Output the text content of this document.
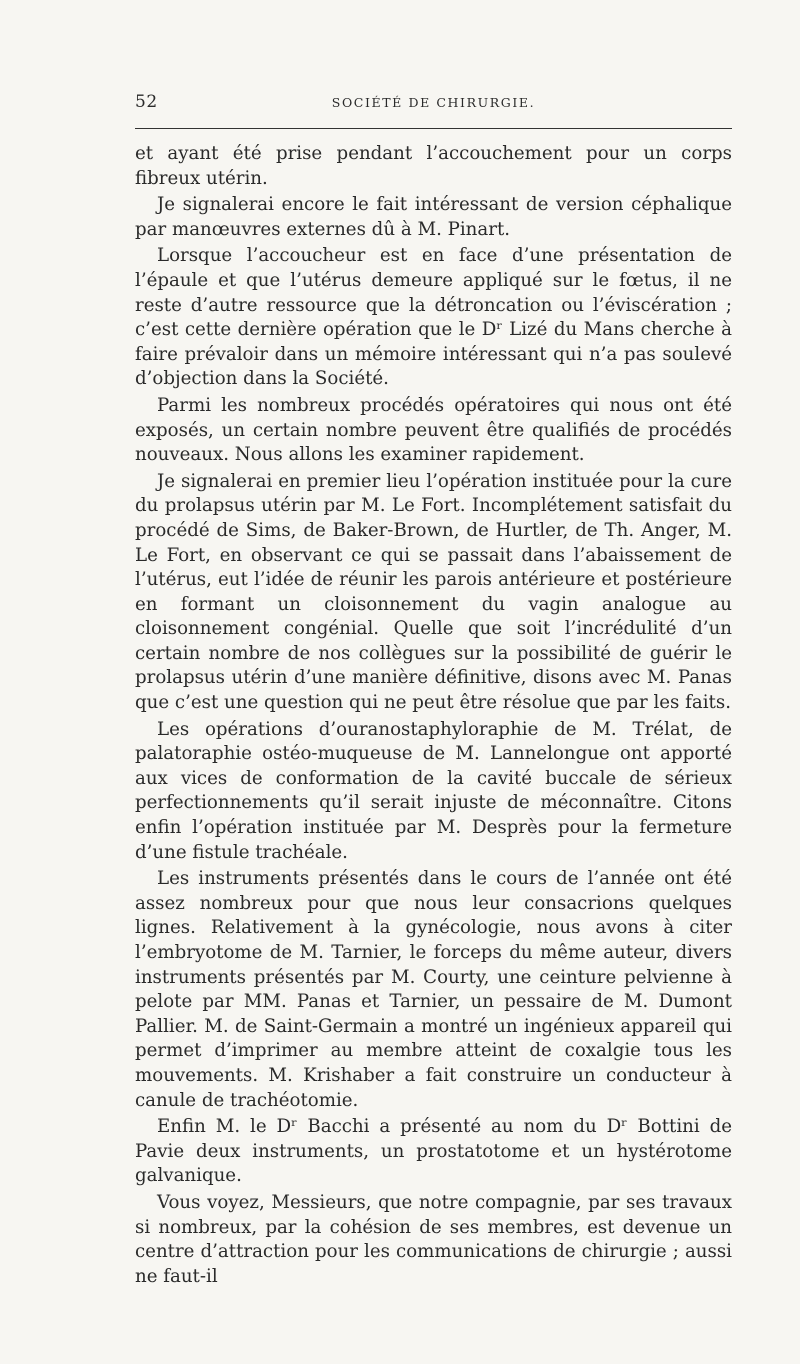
52	SOCIÉTÉ DE CHIRURGIE.

et ayant été prise pendant l’accouchement pour un corps fibreux utérin.

Je signalerai encore le fait intéressant de version céphalique par manœuvres externes dû à M. Pinart.

Lorsque l’accoucheur est en face d’une présentation de l’épaule et que l’utérus demeure appliqué sur le fœtus, il ne reste d’autre ressource que la détroncation ou l’éviscération ; c’est cette dernière opération que le Dʳ Lizé du Mans cherche à faire prévaloir dans un mémoire intéressant qui n’a pas soulevé d’objection dans la Société.

Parmi les nombreux procédés opératoires qui nous ont été exposés, un certain nombre peuvent être qualifiés de procédés nouveaux. Nous allons les examiner rapidement.

Je signalerai en premier lieu l’opération instituée pour la cure du prolapsus utérin par M. Le Fort. Incomplétement satisfait du procédé de Sims, de Baker-Brown, de Hurtler, de Th. Anger, M. Le Fort, en observant ce qui se passait dans l’abaissement de l’utérus, eut l’idée de réunir les parois antérieure et postérieure en formant un cloisonnement du vagin analogue au cloisonnement congénial. Quelle que soit l’incrédulité d’un certain nombre de nos collègues sur la possibilité de guérir le prolapsus utérin d’une manière définitive, disons avec M. Panas que c’est une question qui ne peut être résolue que par les faits.

Les opérations d’ouranostaphyloraphie de M. Trélat, de palatoraphie ostéo-muqueuse de M. Lannelongue ont apporté aux vices de conformation de la cavité buccale de sérieux perfectionnements qu’il serait injuste de méconnaître. Citons enfin l’opération instituée par M. Desprès pour la fermeture d’une fistule trachéale.

Les instruments présentés dans le cours de l’année ont été assez nombreux pour que nous leur consacrions quelques lignes. Relativement à la gynécologie, nous avons à citer l’embryotome de M. Tarnier, le forceps du même auteur, divers instruments présentés par M. Courty, une ceinture pelvienne à pelote par MM. Panas et Tarnier, un pessaire de M. Dumont Pallier. M. de Saint-Germain a montré un ingénieux appareil qui permet d’imprimer au membre atteint de coxalgie tous les mouvements. M. Krishaber a fait construire un conducteur à canule de trachéotomie.

Enfin M. le Dʳ Bacchi a présenté au nom du Dʳ Bottini de Pavie deux instruments, un prostatotome et un hystérotome galvanique.

Vous voyez, Messieurs, que notre compagnie, par ses travaux si nombreux, par la cohésion de ses membres, est devenue un centre d’attraction pour les communications de chirurgie ; aussi ne faut-il
